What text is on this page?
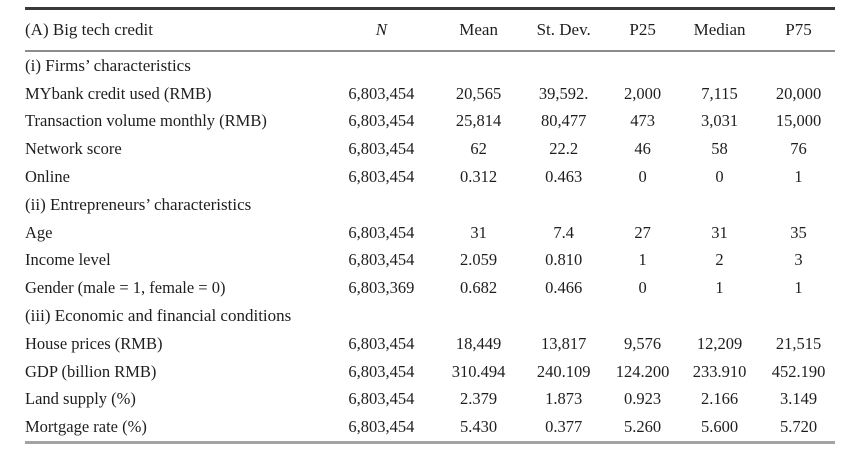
(A) Big tech credit	N	Mean	St. Dev.	P25	Median	P75
(i) Firms’ characteristics						
MYbank credit used (RMB)	6,803,454	20,565	39,592.	2,000	7,115	20,000
Transaction volume monthly (RMB)	6,803,454	25,814	80,477	473	3,031	15,000
Network score	6,803,454	62	22.2	46	58	76
Online	6,803,454	0.312	0.463	0	0	1
(ii) Entrepreneurs’ characteristics						
Age	6,803,454	31	7.4	27	31	35
Income level	6,803,454	2.059	0.810	1	2	3
Gender (male = 1, female = 0)	6,803,369	0.682	0.466	0	1	1
(iii) Economic and financial conditions						
House prices (RMB)	6,803,454	18,449	13,817	9,576	12,209	21,515
GDP (billion RMB)	6,803,454	310.494	240.109	124.200	233.910	452.190
Land supply (%)	6,803,454	2.379	1.873	0.923	2.166	3.149
Mortgage rate (%)	6,803,454	5.430	0.377	5.260	5.600	5.720
